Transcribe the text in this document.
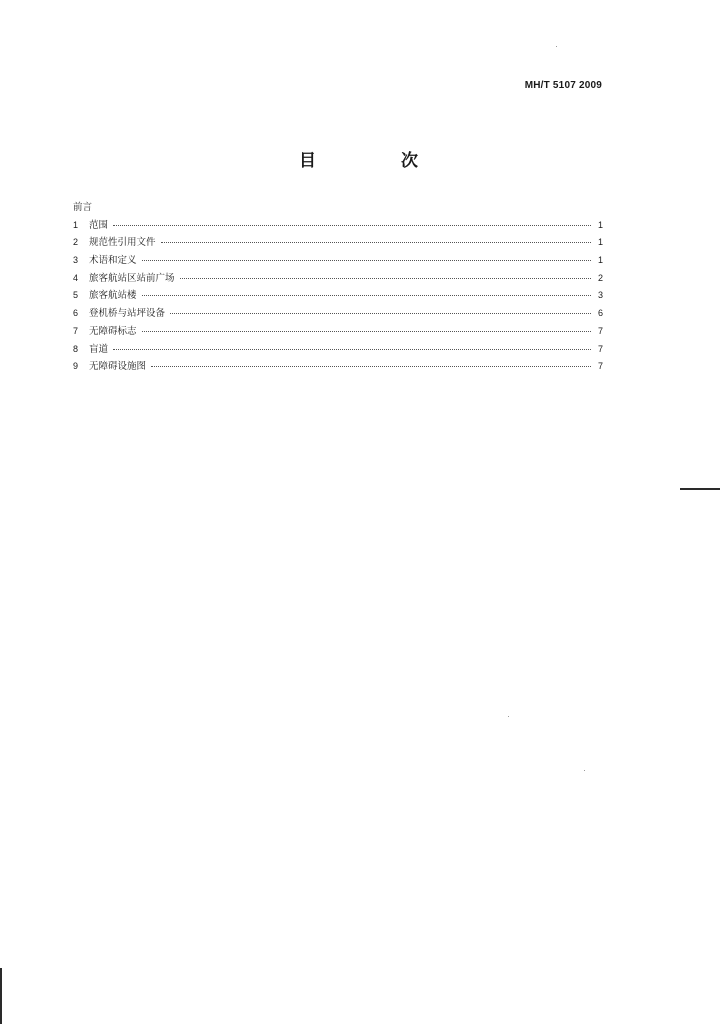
MH/T 5107 2009
目　次
前言
1	范围	1
2	规范性引用文件	1
3	术语和定义	1
4	旅客航站区站前广场	2
5	旅客航站楼	3
6	登机桥与站坪设备	6
7	无障碍标志	7
8	盲道	7
9	无障碍设施图	7
